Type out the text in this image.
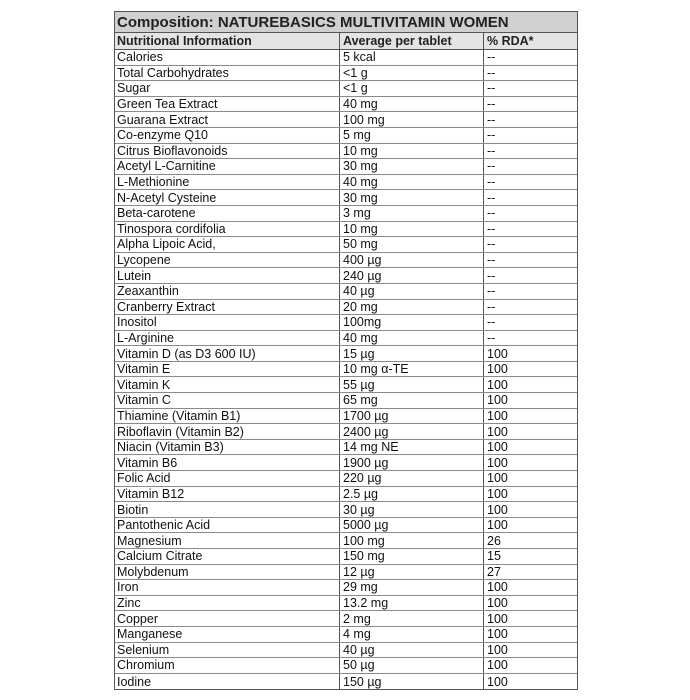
Composition: NATUREBASICS MULTIVITAMIN WOMEN
Nutritional Information	Average per tablet	% RDA*
Calories	5 kcal	--
Total Carbohydrates	<1 g	--
Sugar	<1 g	--
Green Tea Extract	40 mg	--
Guarana Extract	100 mg	--
Co-enzyme Q10	5 mg	--
Citrus Bioflavonoids	10 mg	--
Acetyl L-Carnitine	30 mg	--
L-Methionine	40 mg	--
N-Acetyl Cysteine	30 mg	--
Beta-carotene	3 mg	--
Tinospora cordifolia	10 mg	--
Alpha Lipoic Acid,	50 mg	--
Lycopene	400 µg	--
Lutein	240 µg	--
Zeaxanthin	40 µg	--
Cranberry Extract	20 mg	--
Inositol	100mg	--
L-Arginine	40 mg	--
Vitamin D (as D3 600 IU)	15 µg	100
Vitamin E	10 mg α-TE	100
Vitamin K	55 µg	100
Vitamin C	65 mg	100
Thiamine (Vitamin B1)	1700 µg	100
Riboflavin (Vitamin B2)	2400 µg	100
Niacin (Vitamin B3)	14 mg NE	100
Vitamin B6	1900 µg	100
Folic Acid	220 µg	100
Vitamin B12	2.5 µg	100
Biotin	30 µg	100
Pantothenic Acid	5000 µg	100
Magnesium	100 mg	26
Calcium Citrate	150 mg	15
Molybdenum	12 µg	27
Iron	29 mg	100
Zinc	13.2 mg	100
Copper	2 mg	100
Manganese	4 mg	100
Selenium	40 µg	100
Chromium	50 µg	100
Iodine	150 µg	100
